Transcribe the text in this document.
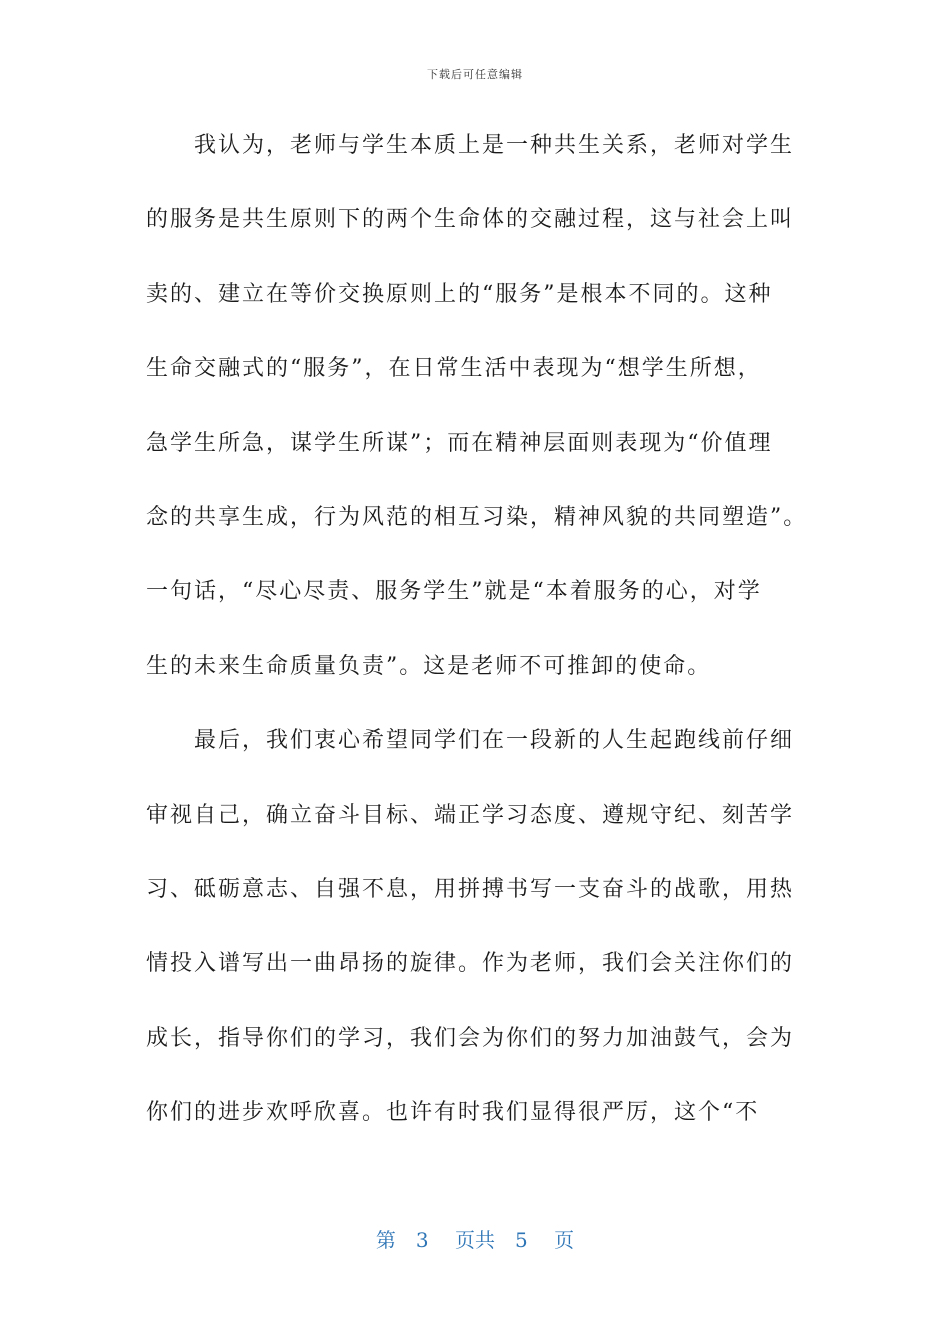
下载后可任意编辑
　　我认为，老师与学生本质上是一种共生关系，老师对学生
的服务是共生原则下的两个生命体的交融过程，这与社会上叫
卖的、建立在等价交换原则上的“服务”是根本不同的。这种
生命交融式的“服务”，在日常生活中表现为“想学生所想，
急学生所急，谋学生所谋”；而在精神层面则表现为“价值理
念的共享生成，行为风范的相互习染，精神风貌的共同塑造”。
一句话，“尽心尽责、服务学生”就是“本着服务的心，对学
生的未来生命质量负责”。这是老师不可推卸的使命。
　　最后，我们衷心希望同学们在一段新的人生起跑线前仔细
审视自己，确立奋斗目标、端正学习态度、遵规守纪、刻苦学
习、砥砺意志、自强不息，用拼搏书写一支奋斗的战歌，用热
情投入谱写出一曲昂扬的旋律。作为老师，我们会关注你们的
成长，指导你们的学习，我们会为你们的努力加油鼓气，会为
你们的进步欢呼欣喜。也许有时我们显得很严厉，这个“不
第　3　 页共　5　 页
